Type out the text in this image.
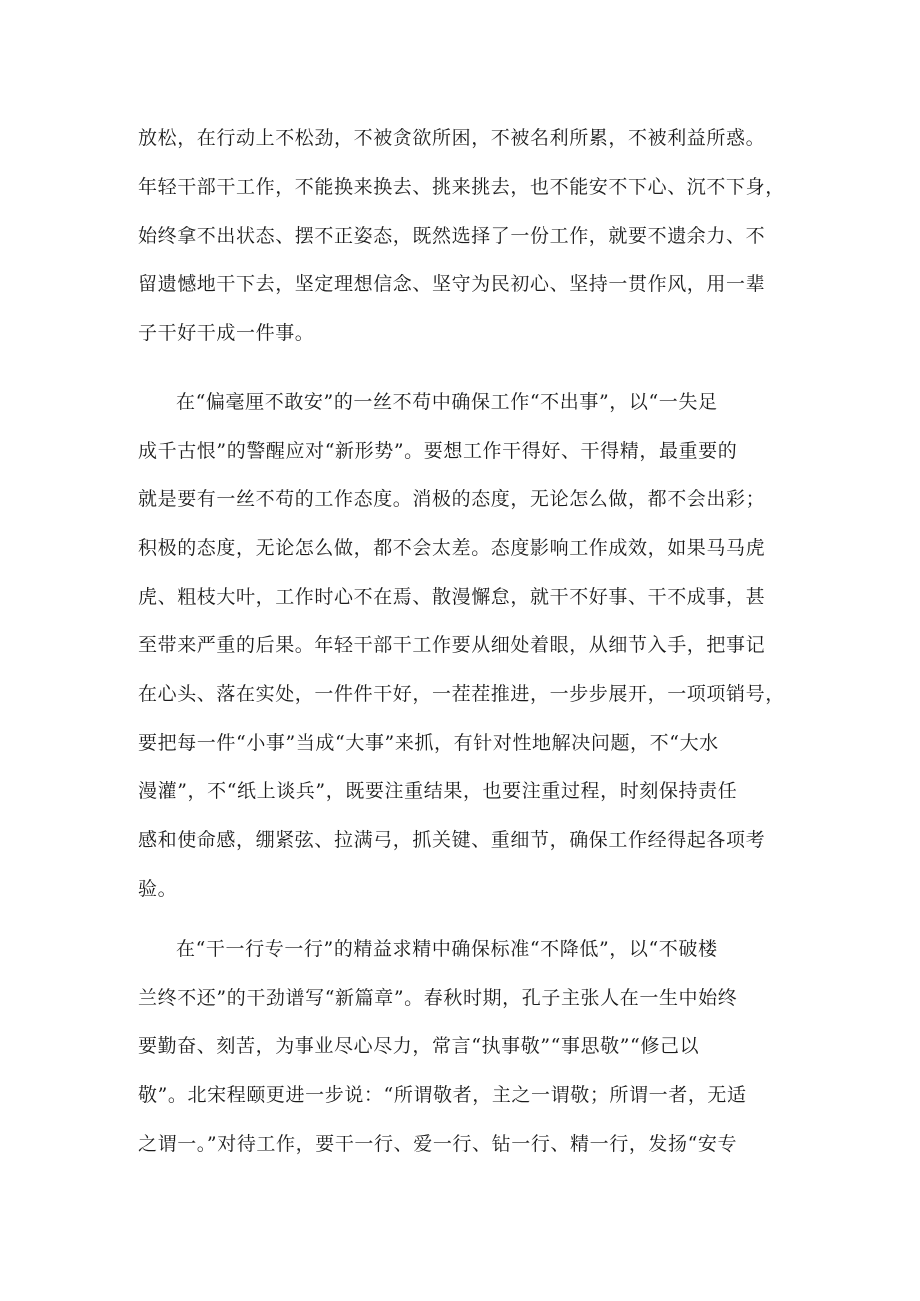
放松，在行动上不松劲，不被贪欲所困，不被名利所累，不被利益所惑。

年轻干部干工作，不能换来换去、挑来挑去，也不能安不下心、沉不下身，

始终拿不出状态、摆不正姿态，既然选择了一份工作，就要不遗余力、不

留遗憾地干下去，坚定理想信念、坚守为民初心、坚持一贯作风，用一辈

子干好干成一件事。

在“偏毫厘不敢安”的一丝不苟中确保工作“不出事”，以“一失足

成千古恨”的警醒应对“新形势”。要想工作干得好、干得精，最重要的

就是要有一丝不苟的工作态度。消极的态度，无论怎么做，都不会出彩；

积极的态度，无论怎么做，都不会太差。态度影响工作成效，如果马马虎

虎、粗枝大叶，工作时心不在焉、散漫懈怠，就干不好事、干不成事，甚

至带来严重的后果。年轻干部干工作要从细处着眼，从细节入手，把事记

在心头、落在实处，一件件干好，一茬茬推进，一步步展开，一项项销号，

要把每一件“小事”当成“大事”来抓，有针对性地解决问题，不“大水

漫灌”，不“纸上谈兵”，既要注重结果，也要注重过程，时刻保持责任

感和使命感，绷紧弦、拉满弓，抓关键、重细节，确保工作经得起各项考

验。

在“干一行专一行”的精益求精中确保标准“不降低”，以“不破楼

兰终不还”的干劲谱写“新篇章”。春秋时期，孔子主张人在一生中始终

要勤奋、刻苦，为事业尽心尽力，常言“执事敬”“事思敬”“修己以

敬”。北宋程颐更进一步说：“所谓敬者，主之一谓敬；所谓一者，无适

之谓一。”对待工作，要干一行、爱一行、钻一行、精一行，发扬“安专
